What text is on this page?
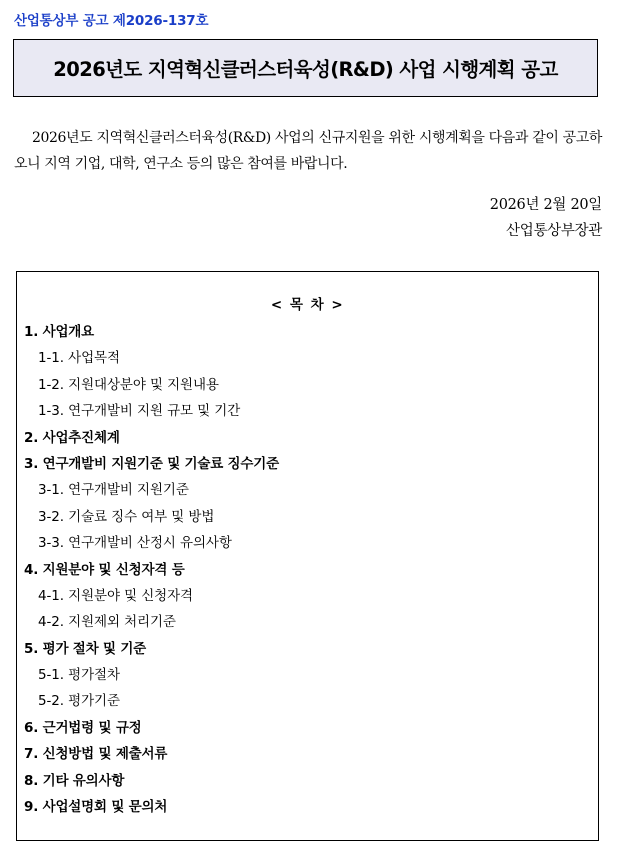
산업통상부 공고 제2026-137호
2026년도 지역혁신클러스터육성(R&D) 사업 시행계획 공고

2026년도 지역혁신클러스터육성(R&D) 사업의 신규지원을 위한 시행계획을 다음과 같이 공고하오니 지역 기업, 대학, 연구소 등의 많은 참여를 바랍니다.

2026년 2월 20일
산업통상부장관
< 목 차 >
1. 사업개요
1-1. 사업목적
1-2. 지원대상분야 및 지원내용
1-3. 연구개발비 지원 규모 및 기간
2. 사업추진체계
3. 연구개발비 지원기준 및 기술료 징수기준
3-1. 연구개발비 지원기준
3-2. 기술료 징수 여부 및 방법
3-3. 연구개발비 산정시 유의사항
4. 지원분야 및 신청자격 등
4-1. 지원분야 및 신청자격
4-2. 지원제외 처리기준
5. 평가 절차 및 기준
5-1. 평가절차
5-2. 평가기준
6. 근거법령 및 규정
7. 신청방법 및 제출서류
8. 기타 유의사항
9. 사업설명회 및 문의처
